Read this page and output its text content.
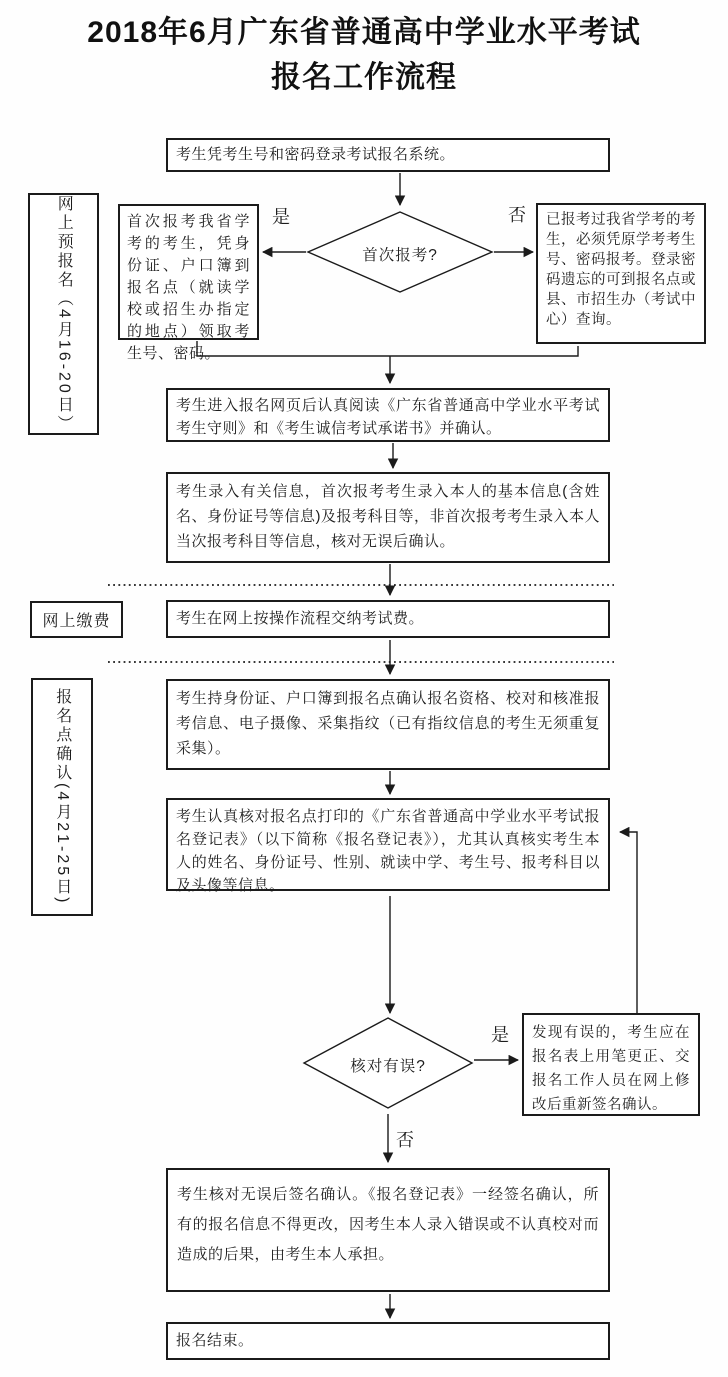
2018年6月广东省普通高中学业水平考试
报名工作流程
考生凭考生号和密码登录考试报名系统。
网上预报名（4月16-20日）	首次报考我省学考的考生，凭身份证、户口簿到报名点（就读学校或招生办指定的地点）领取考生号、密码。
首次报考?
是	否	已报考过我省学考的考生，必须凭原学考考生号、密码报考。登录密码遗忘的可到报名点或县、市招生办（考试中心）查询。
考生进入报名网页后认真阅读《广东省普通高中学业水平考试考生守则》和《考生诚信考试承诺书》并确认。
考生录入有关信息，首次报考考生录入本人的基本信息(含姓名、身份证号等信息)及报考科目等，非首次报考考生录入本人当次报考科目等信息，核对无误后确认。
网上缴费	考生在网上按操作流程交纳考试费。
报名点确认(4月21-25日)	考生持身份证、户口簿到报名点确认报名资格、校对和核准报考信息、电子摄像、采集指纹（已有指纹信息的考生无须重复采集）。
考生认真核对报名点打印的《广东省普通高中学业水平考试报名登记表》（以下简称《报名登记表》），尤其认真核实考生本人的姓名、身份证号、性别、就读中学、考生号、报考科目以及头像等信息。
核对有误?
是
否
发现有误的，考生应在报名表上用笔更正、交报名工作人员在网上修改后重新签名确认。
考生核对无误后签名确认。《报名登记表》一经签名确认，所有的报名信息不得更改，因考生本人录入错误或不认真校对而造成的后果，由考生本人承担。
报名结束。
